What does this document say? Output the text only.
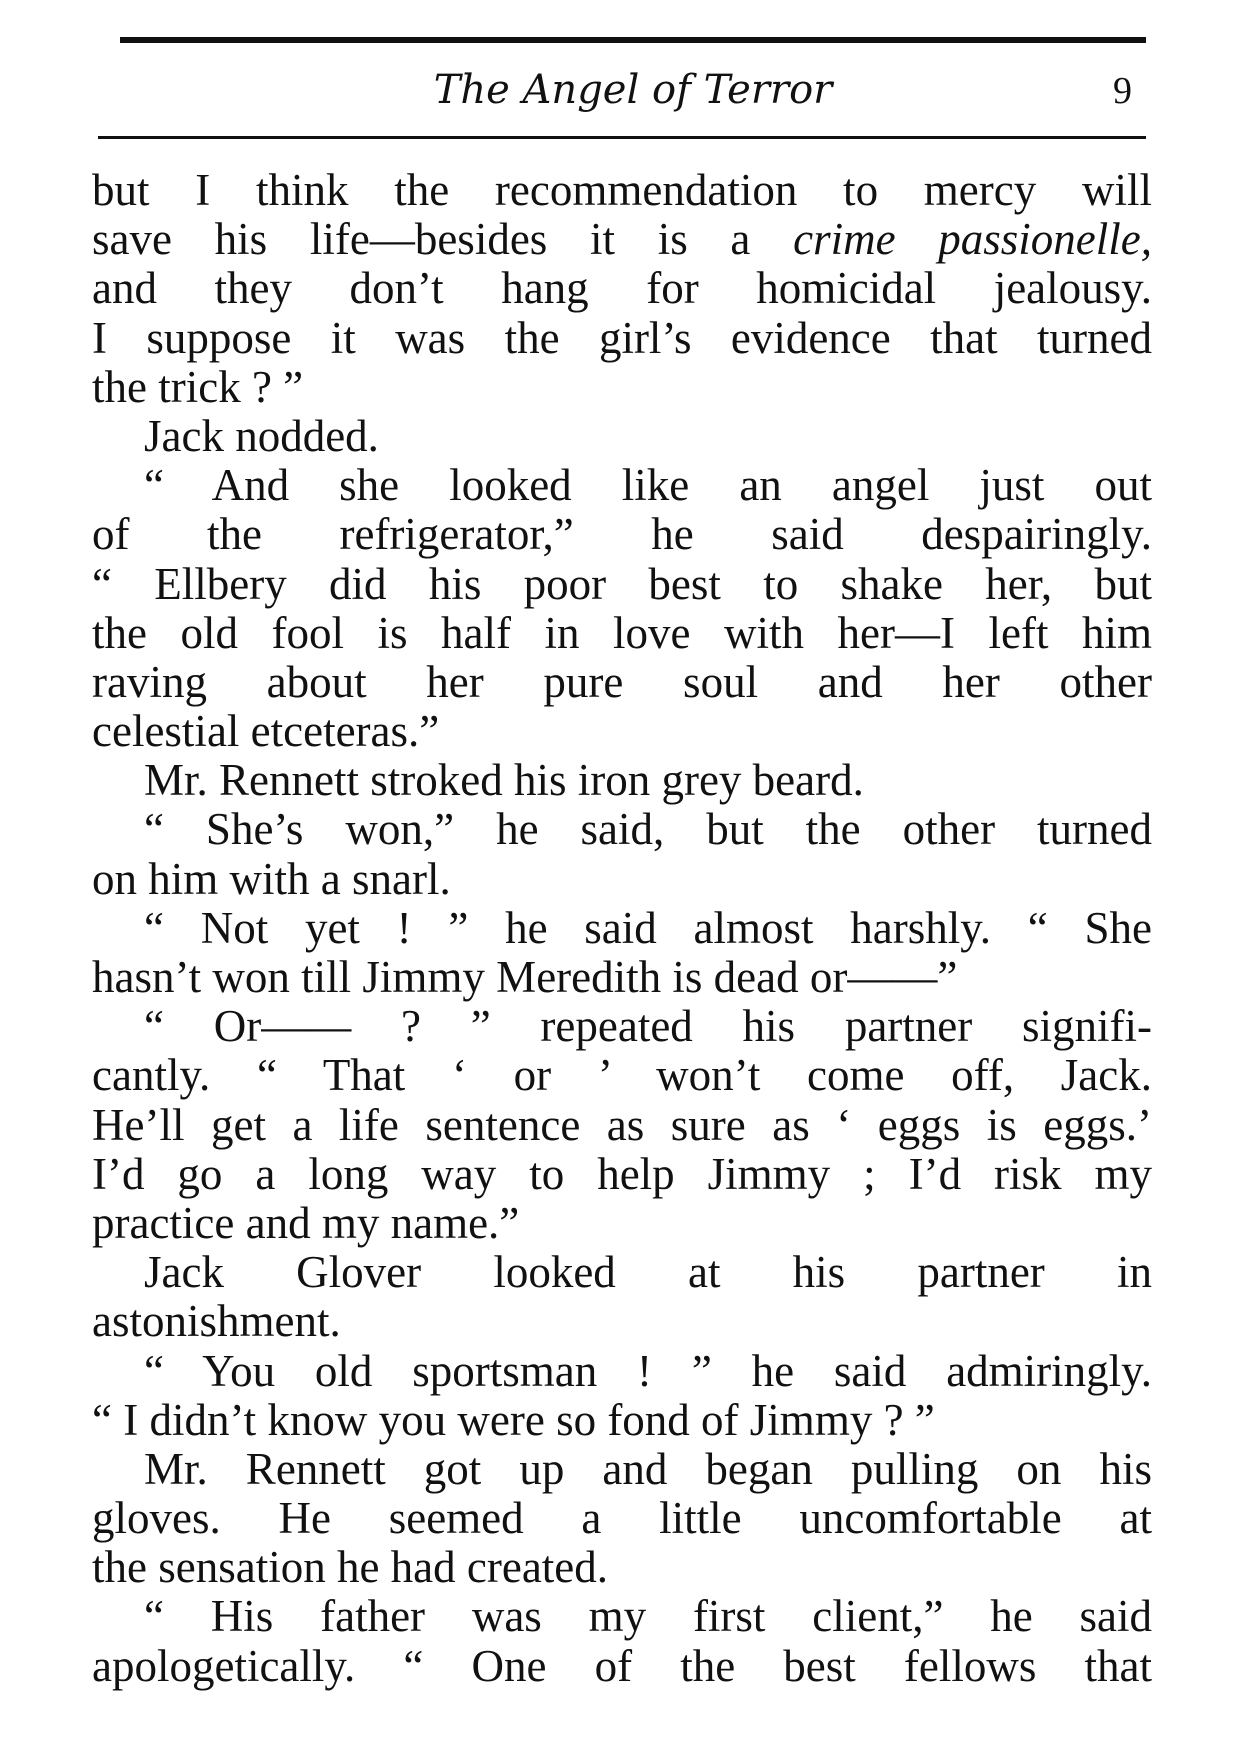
The Angel of Terror	9
but I think the recommendation to mercy will
save his life—besides it is a crime passionelle,
and they don’t hang for homicidal jealousy.
I suppose it was the girl’s evidence that turned
the trick ? ”
Jack nodded.
“ And she looked like an angel just out
of the refrigerator,” he said despairingly.
“ Ellbery did his poor best to shake her, but
the old fool is half in love with her—I left him
raving about her pure soul and her other
celestial etceteras.”
Mr. Rennett stroked his iron grey beard.
“ She’s won,” he said, but the other turned
on him with a snarl.
“ Not yet ! ” he said almost harshly. “ She
hasn’t won till Jimmy Meredith is dead or——”
“ Or—— ? ” repeated his partner signifi-
cantly. “ That ‘ or ’ won’t come off, Jack.
He’ll get a life sentence as sure as ‘ eggs is eggs.’
I’d go a long way to help Jimmy ; I’d risk my
practice and my name.”
Jack Glover looked at his partner in
astonishment.
“ You old sportsman ! ” he said admiringly.
“ I didn’t know you were so fond of Jimmy ? ”
Mr. Rennett got up and began pulling on his
gloves. He seemed a little uncomfortable at
the sensation he had created.
“ His father was my first client,” he said
apologetically. “ One of the best fellows that
